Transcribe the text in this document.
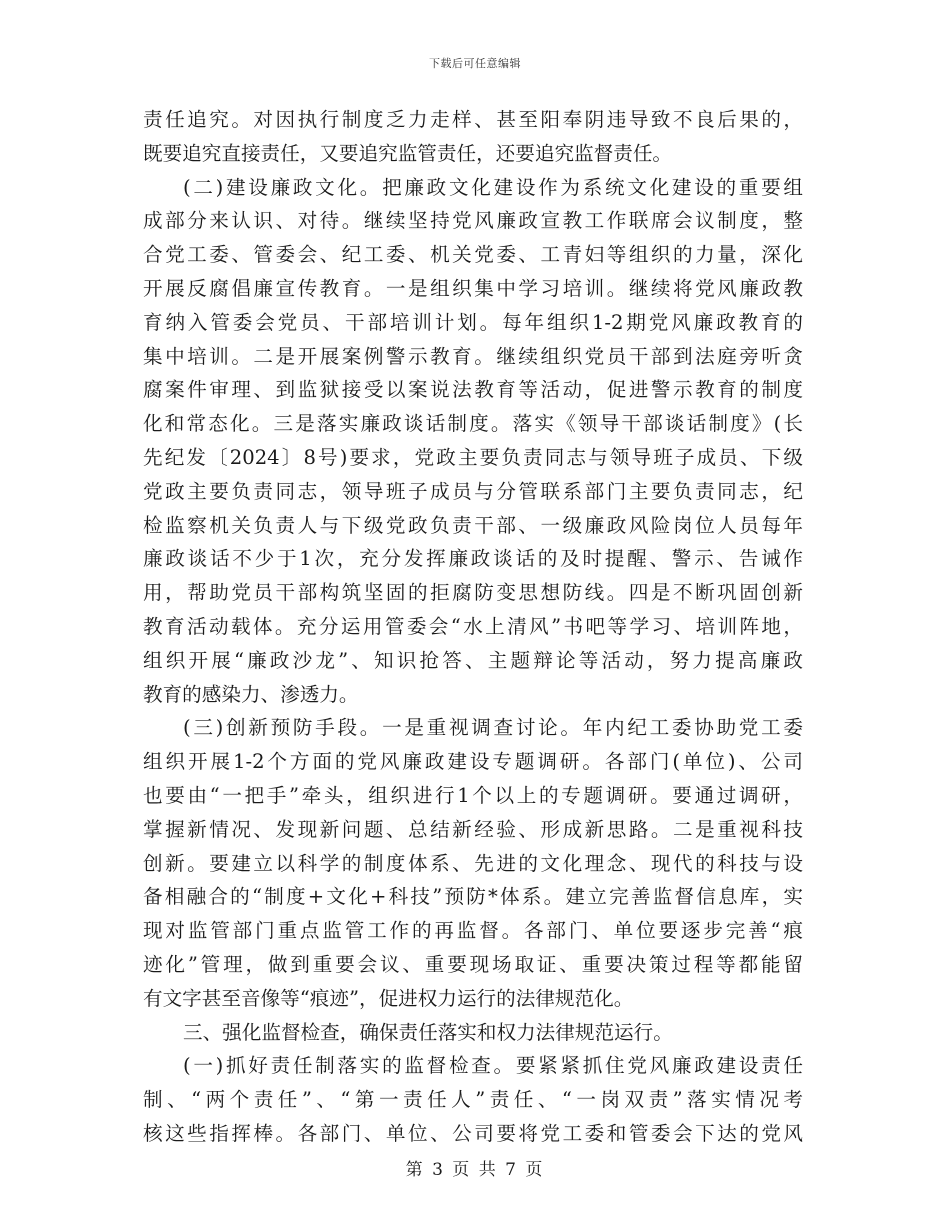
下载后可任意编辑
责任追究。对因执行制度乏力走样、甚至阳奉阴违导致不良后果的，
既要追究直接责任，又要追究监管责任，还要追究监督责任。
(二)建设廉政文化。把廉政文化建设作为系统文化建设的重要组
成部分来认识、对待。继续坚持党风廉政宣教工作联席会议制度，整
合党工委、管委会、纪工委、机关党委、工青妇等组织的力量，深化
开展反腐倡廉宣传教育。一是组织集中学习培训。继续将党风廉政教
育纳入管委会党员、干部培训计划。每年组织1-2期党风廉政教育的
集中培训。二是开展案例警示教育。继续组织党员干部到法庭旁听贪
腐案件审理、到监狱接受以案说法教育等活动，促进警示教育的制度
化和常态化。三是落实廉政谈话制度。落实《领导干部谈话制度》(长
先纪发〔2024〕8号)要求，党政主要负责同志与领导班子成员、下级
党政主要负责同志，领导班子成员与分管联系部门主要负责同志，纪
检监察机关负责人与下级党政负责干部、一级廉政风险岗位人员每年
廉政谈话不少于1次，充分发挥廉政谈话的及时提醒、警示、告诫作
用，帮助党员干部构筑坚固的拒腐防变思想防线。四是不断巩固创新
教育活动载体。充分运用管委会“水上清风”书吧等学习、培训阵地，
组织开展“廉政沙龙”、知识抢答、主题辩论等活动，努力提高廉政
教育的感染力、渗透力。
(三)创新预防手段。一是重视调查讨论。年内纪工委协助党工委
组织开展1-2个方面的党风廉政建设专题调研。各部门(单位)、公司
也要由“一把手”牵头，组织进行1个以上的专题调研。要通过调研，
掌握新情况、发现新问题、总结新经验、形成新思路。二是重视科技
创新。要建立以科学的制度体系、先进的文化理念、现代的科技与设
备相融合的“制度+文化+科技”预防*体系。建立完善监督信息库，实
现对监管部门重点监管工作的再监督。各部门、单位要逐步完善“痕
迹化”管理，做到重要会议、重要现场取证、重要决策过程等都能留
有文字甚至音像等“痕迹”，促进权力运行的法律规范化。
三、强化监督检查，确保责任落实和权力法律规范运行。
(一)抓好责任制落实的监督检查。要紧紧抓住党风廉政建设责任
制、“两个责任”、“第一责任人”责任、“一岗双责”落实情况考
核这些指挥棒。各部门、单位、公司要将党工委和管委会下达的党风
第 3 页 共 7 页
